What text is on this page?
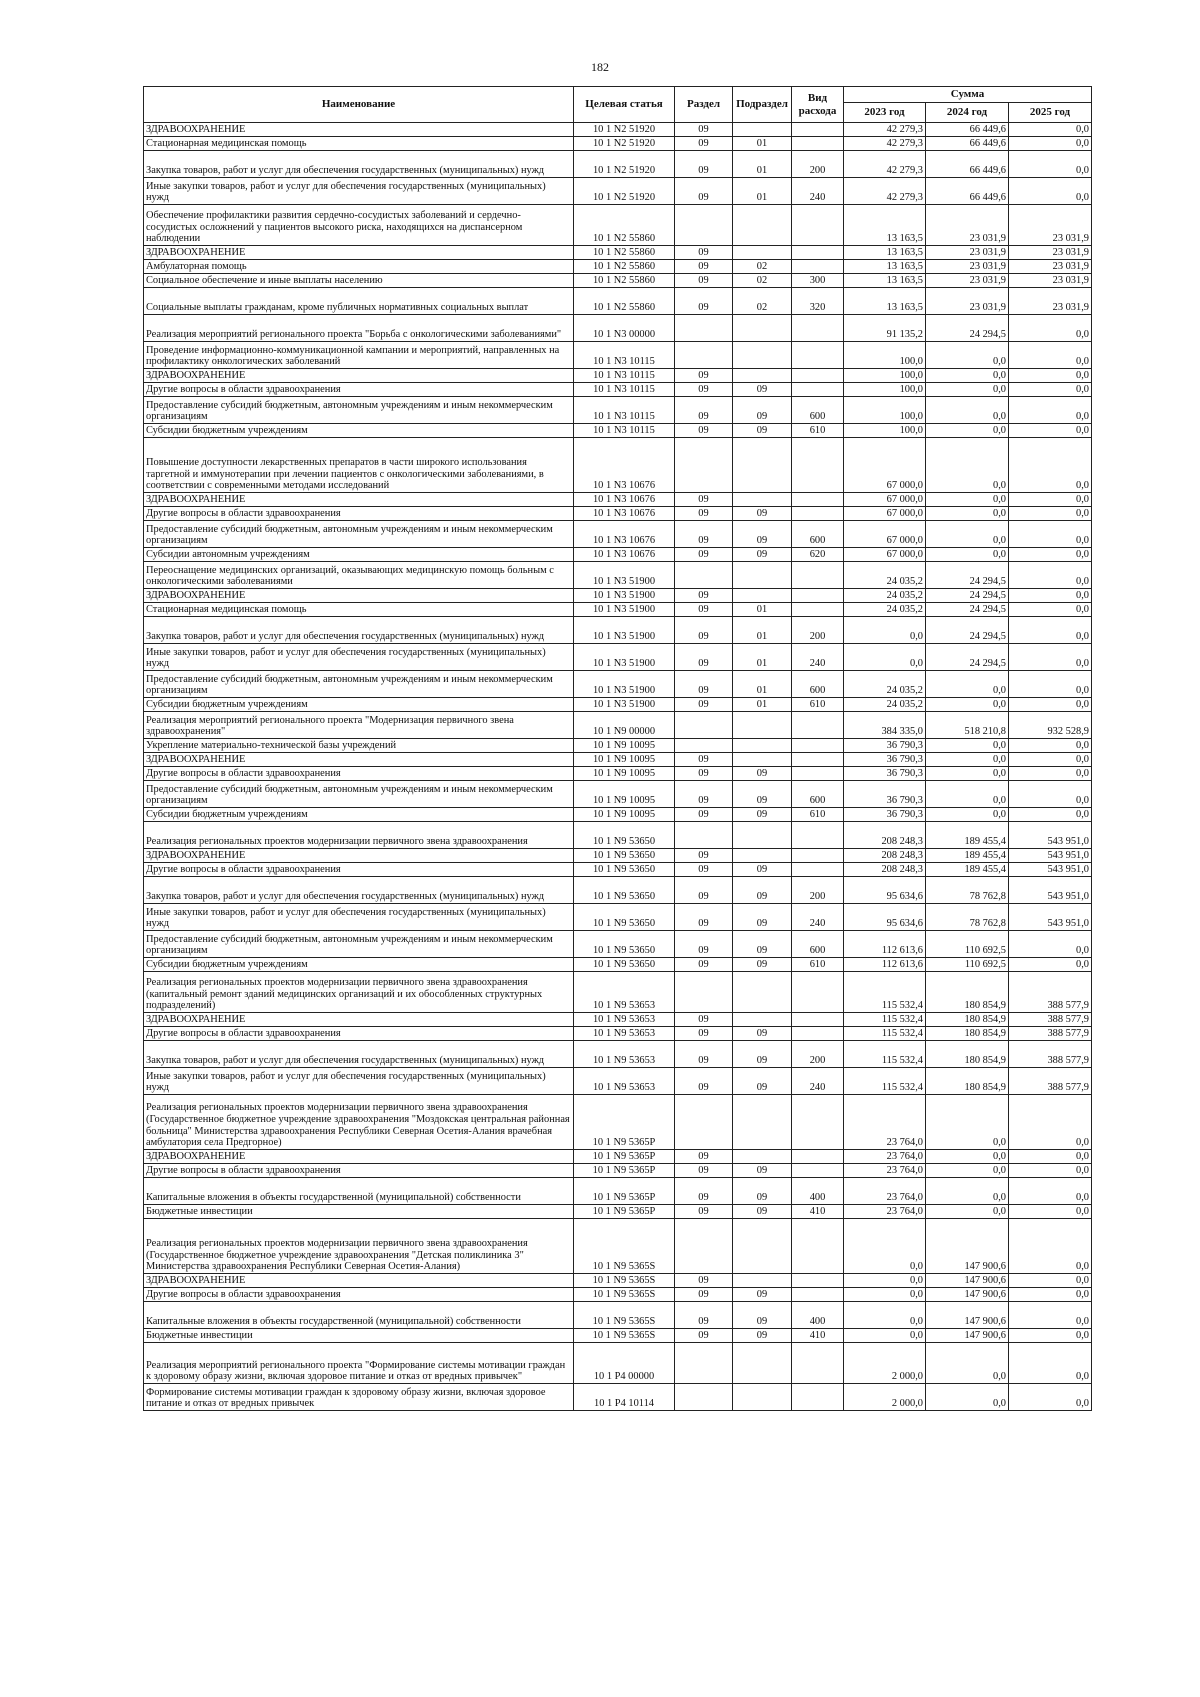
182
Наименование	Целевая статья	Раздел	Подраздел	Вид расхода	Сумма		
					2023 год	2024 год	2025 год
ЗДРАВООХРАНЕНИЕ	10 1 N2 51920	09			42 279,3	66 449,6	0,0
Стационарная медицинская помощь	10 1 N2 51920	09	01		42 279,3	66 449,6	0,0
Закупка товаров, работ и услуг для обеспечения государственных (муниципальных) нужд	10 1 N2 51920	09	01	200	42 279,3	66 449,6	0,0
Иные закупки товаров, работ и услуг для обеспечения государственных (муниципальных) нужд	10 1 N2 51920	09	01	240	42 279,3	66 449,6	0,0
Обеспечение профилактики развития сердечно-сосудистых заболеваний и сердечно-сосудистых осложнений у пациентов высокого риска, находящихся на диспансерном наблюдении	10 1 N2 55860				13 163,5	23 031,9	23 031,9
ЗДРАВООХРАНЕНИЕ	10 1 N2 55860	09			13 163,5	23 031,9	23 031,9
Амбулаторная помощь	10 1 N2 55860	09	02		13 163,5	23 031,9	23 031,9
Социальное обеспечение и иные выплаты населению	10 1 N2 55860	09	02	300	13 163,5	23 031,9	23 031,9
Социальные выплаты гражданам, кроме публичных нормативных социальных выплат	10 1 N2 55860	09	02	320	13 163,5	23 031,9	23 031,9
Реализация мероприятий регионального проекта "Борьба с онкологическими заболеваниями"	10 1 N3 00000				91 135,2	24 294,5	0,0
Проведение информационно-коммуникационной кампании и мероприятий, направленных на профилактику онкологических заболеваний	10 1 N3 10115				100,0	0,0	0,0
ЗДРАВООХРАНЕНИЕ	10 1 N3 10115	09			100,0	0,0	0,0
Другие вопросы в области здравоохранения	10 1 N3 10115	09	09		100,0	0,0	0,0
Предоставление субсидий бюджетным, автономным учреждениям и иным некоммерческим организациям	10 1 N3 10115	09	09	600	100,0	0,0	0,0
Субсидии бюджетным учреждениям	10 1 N3 10115	09	09	610	100,0	0,0	0,0
Повышение доступности лекарственных препаратов в части широкого использования таргетной и иммунотерапии при лечении пациентов с онкологическими заболеваниями, в соответствии с современными методами исследований	10 1 N3 10676				67 000,0	0,0	0,0
ЗДРАВООХРАНЕНИЕ	10 1 N3 10676	09			67 000,0	0,0	0,0
Другие вопросы в области здравоохранения	10 1 N3 10676	09	09		67 000,0	0,0	0,0
Предоставление субсидий бюджетным, автономным учреждениям и иным некоммерческим организациям	10 1 N3 10676	09	09	600	67 000,0	0,0	0,0
Субсидии автономным учреждениям	10 1 N3 10676	09	09	620	67 000,0	0,0	0,0
Переоснащение медицинских организаций, оказывающих медицинскую помощь больным с онкологическими заболеваниями	10 1 N3 51900				24 035,2	24 294,5	0,0
ЗДРАВООХРАНЕНИЕ	10 1 N3 51900	09			24 035,2	24 294,5	0,0
Стационарная медицинская помощь	10 1 N3 51900	09	01		24 035,2	24 294,5	0,0
Закупка товаров, работ и услуг для обеспечения государственных (муниципальных) нужд	10 1 N3 51900	09	01	200	0,0	24 294,5	0,0
Иные закупки товаров, работ и услуг для обеспечения государственных (муниципальных) нужд	10 1 N3 51900	09	01	240	0,0	24 294,5	0,0
Предоставление субсидий бюджетным, автономным учреждениям и иным некоммерческим организациям	10 1 N3 51900	09	01	600	24 035,2	0,0	0,0
Субсидии бюджетным учреждениям	10 1 N3 51900	09	01	610	24 035,2	0,0	0,0
Реализация мероприятий регионального проекта "Модернизация первичного звена здравоохранения"	10 1 N9 00000				384 335,0	518 210,8	932 528,9
Укрепление материально-технической базы учреждений	10 1 N9 10095				36 790,3	0,0	0,0
ЗДРАВООХРАНЕНИЕ	10 1 N9 10095	09			36 790,3	0,0	0,0
Другие вопросы в области здравоохранения	10 1 N9 10095	09	09		36 790,3	0,0	0,0
Предоставление субсидий бюджетным, автономным учреждениям и иным некоммерческим организациям	10 1 N9 10095	09	09	600	36 790,3	0,0	0,0
Субсидии бюджетным учреждениям	10 1 N9 10095	09	09	610	36 790,3	0,0	0,0
Реализация региональных проектов модернизации первичного звена здравоохранения	10 1 N9 53650				208 248,3	189 455,4	543 951,0
ЗДРАВООХРАНЕНИЕ	10 1 N9 53650	09			208 248,3	189 455,4	543 951,0
Другие вопросы в области здравоохранения	10 1 N9 53650	09	09		208 248,3	189 455,4	543 951,0
Закупка товаров, работ и услуг для обеспечения государственных (муниципальных) нужд	10 1 N9 53650	09	09	200	95 634,6	78 762,8	543 951,0
Иные закупки товаров, работ и услуг для обеспечения государственных (муниципальных) нужд	10 1 N9 53650	09	09	240	95 634,6	78 762,8	543 951,0
Предоставление субсидий бюджетным, автономным учреждениям и иным некоммерческим организациям	10 1 N9 53650	09	09	600	112 613,6	110 692,5	0,0
Субсидии бюджетным учреждениям	10 1 N9 53650	09	09	610	112 613,6	110 692,5	0,0
Реализация региональных проектов модернизации первичного звена здравоохранения (капитальный ремонт зданий медицинских организаций и их обособленных структурных подразделений)	10 1 N9 53653				115 532,4	180 854,9	388 577,9
ЗДРАВООХРАНЕНИЕ	10 1 N9 53653	09			115 532,4	180 854,9	388 577,9
Другие вопросы в области здравоохранения	10 1 N9 53653	09	09		115 532,4	180 854,9	388 577,9
Закупка товаров, работ и услуг для обеспечения государственных (муниципальных) нужд	10 1 N9 53653	09	09	200	115 532,4	180 854,9	388 577,9
Иные закупки товаров, работ и услуг для обеспечения государственных (муниципальных) нужд	10 1 N9 53653	09	09	240	115 532,4	180 854,9	388 577,9
Реализация региональных проектов модернизации первичного звена здравоохранения (Государственное бюджетное учреждение здравоохранения "Моздокская центральная районная больница" Министерства здравоохранения Республики Северная Осетия-Алания врачебная амбулатория села Предгорное)	10 1 N9 5365P				23 764,0	0,0	0,0
ЗДРАВООХРАНЕНИЕ	10 1 N9 5365P	09			23 764,0	0,0	0,0
Другие вопросы в области здравоохранения	10 1 N9 5365P	09	09		23 764,0	0,0	0,0
Капитальные вложения в объекты государственной (муниципальной) собственности	10 1 N9 5365P	09	09	400	23 764,0	0,0	0,0
Бюджетные инвестиции	10 1 N9 5365P	09	09	410	23 764,0	0,0	0,0
Реализация региональных проектов модернизации первичного звена здравоохранения (Государственное бюджетное учреждение здравоохранения "Детская поликлиника 3" Министерства здравоохранения Республики Северная Осетия-Алания)	10 1 N9 5365S				0,0	147 900,6	0,0
ЗДРАВООХРАНЕНИЕ	10 1 N9 5365S	09			0,0	147 900,6	0,0
Другие вопросы в области здравоохранения	10 1 N9 5365S	09	09		0,0	147 900,6	0,0
Капитальные вложения в объекты государственной (муниципальной) собственности	10 1 N9 5365S	09	09	400	0,0	147 900,6	0,0
Бюджетные инвестиции	10 1 N9 5365S	09	09	410	0,0	147 900,6	0,0
Реализация мероприятий регионального проекта "Формирование системы мотивации граждан к здоровому образу жизни, включая здоровое питание и отказ от вредных привычек"	10 1 P4 00000				2 000,0	0,0	0,0
Формирование системы мотивации граждан к здоровому образу жизни, включая здоровое питание и отказ от вредных привычек	10 1 P4 10114				2 000,0	0,0	0,0
